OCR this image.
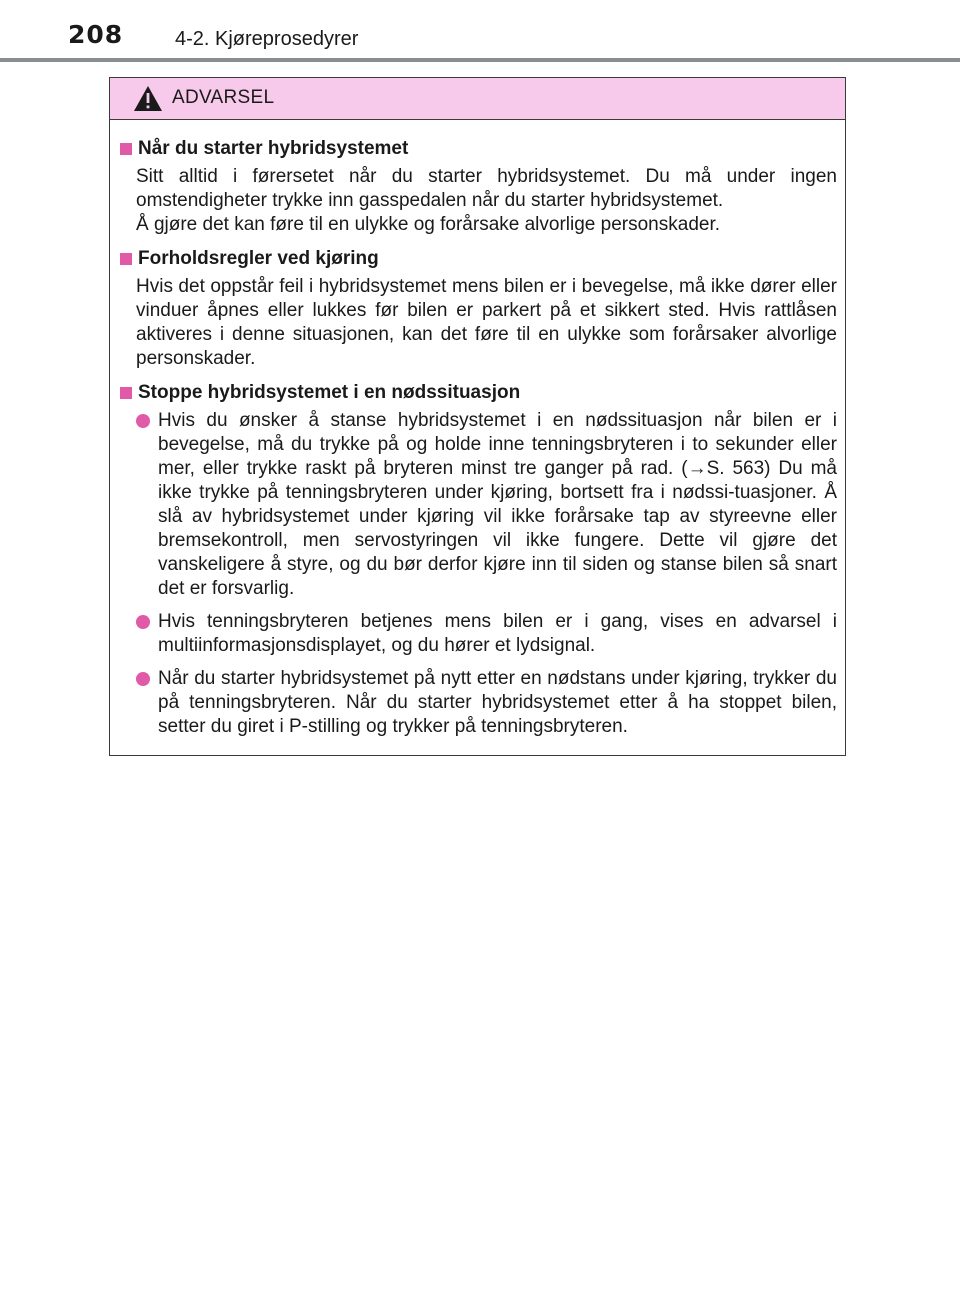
208	4-2. Kjøreprosedyrer
ADVARSEL
Når du starter hybridsystemet

Sitt alltid i førersetet når du starter hybridsystemet. Du må under ingen omstendigheter trykke inn gasspedalen når du starter hybridsystemet.

Å gjøre det kan føre til en ulykke og forårsake alvorlige personskader.

Forholdsregler ved kjøring

Hvis det oppstår feil i hybridsystemet mens bilen er i bevegelse, må ikke dører eller vinduer åpnes eller lukkes før bilen er parkert på et sikkert sted. Hvis rattlåsen aktiveres i denne situasjonen, kan det føre til en ulykke som forårsaker alvorlige personskader.

Stoppe hybridsystemet i en nødssituasjon
Hvis du ønsker å stanse hybridsystemet i en nødssituasjon når bilen er i bevegelse, må du trykke på og holde inne tenningsbryteren i to sekunder eller mer, eller trykke raskt på bryteren minst tre ganger på rad. (→S. 563) Du må ikke trykke på tenningsbryteren under kjøring, bortsett fra i nødssi-tuasjoner. Å slå av hybridsystemet under kjøring vil ikke forårsake tap av styreevne eller bremsekontroll, men servostyringen vil ikke fungere. Dette vil gjøre det vanskeligere å styre, og du bør derfor kjøre inn til siden og stanse bilen så snart det er forsvarlig.
Hvis tenningsbryteren betjenes mens bilen er i gang, vises en advarsel i multiinformasjonsdisplayet, og du hører et lydsignal.
Når du starter hybridsystemet på nytt etter en nødstans under kjøring, trykker du på tenningsbryteren. Når du starter hybridsystemet etter å ha stoppet bilen, setter du giret i P-stilling og trykker på tenningsbryteren.
